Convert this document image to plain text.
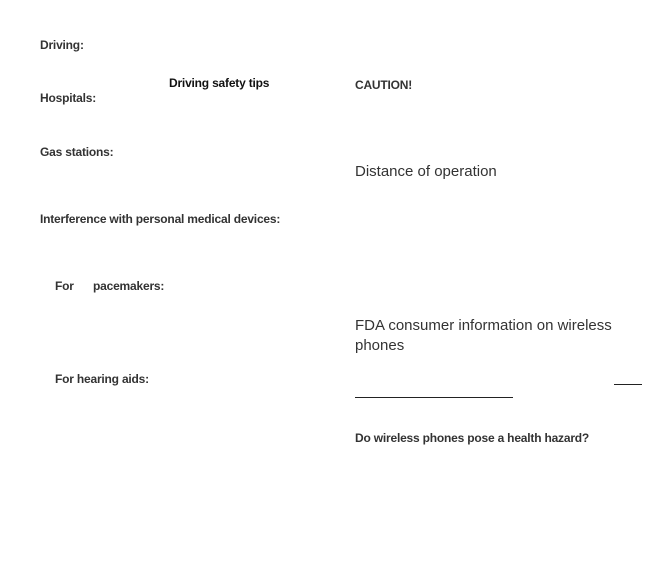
Driving:
Driving safety tips
Hospitals:
Gas stations:
Interference with personal medical devices:
For pacemakers:
For hearing aids:
CAUTION!
Distance of operation
FDA consumer information on wireless phones
Do wireless phones pose a health hazard?
